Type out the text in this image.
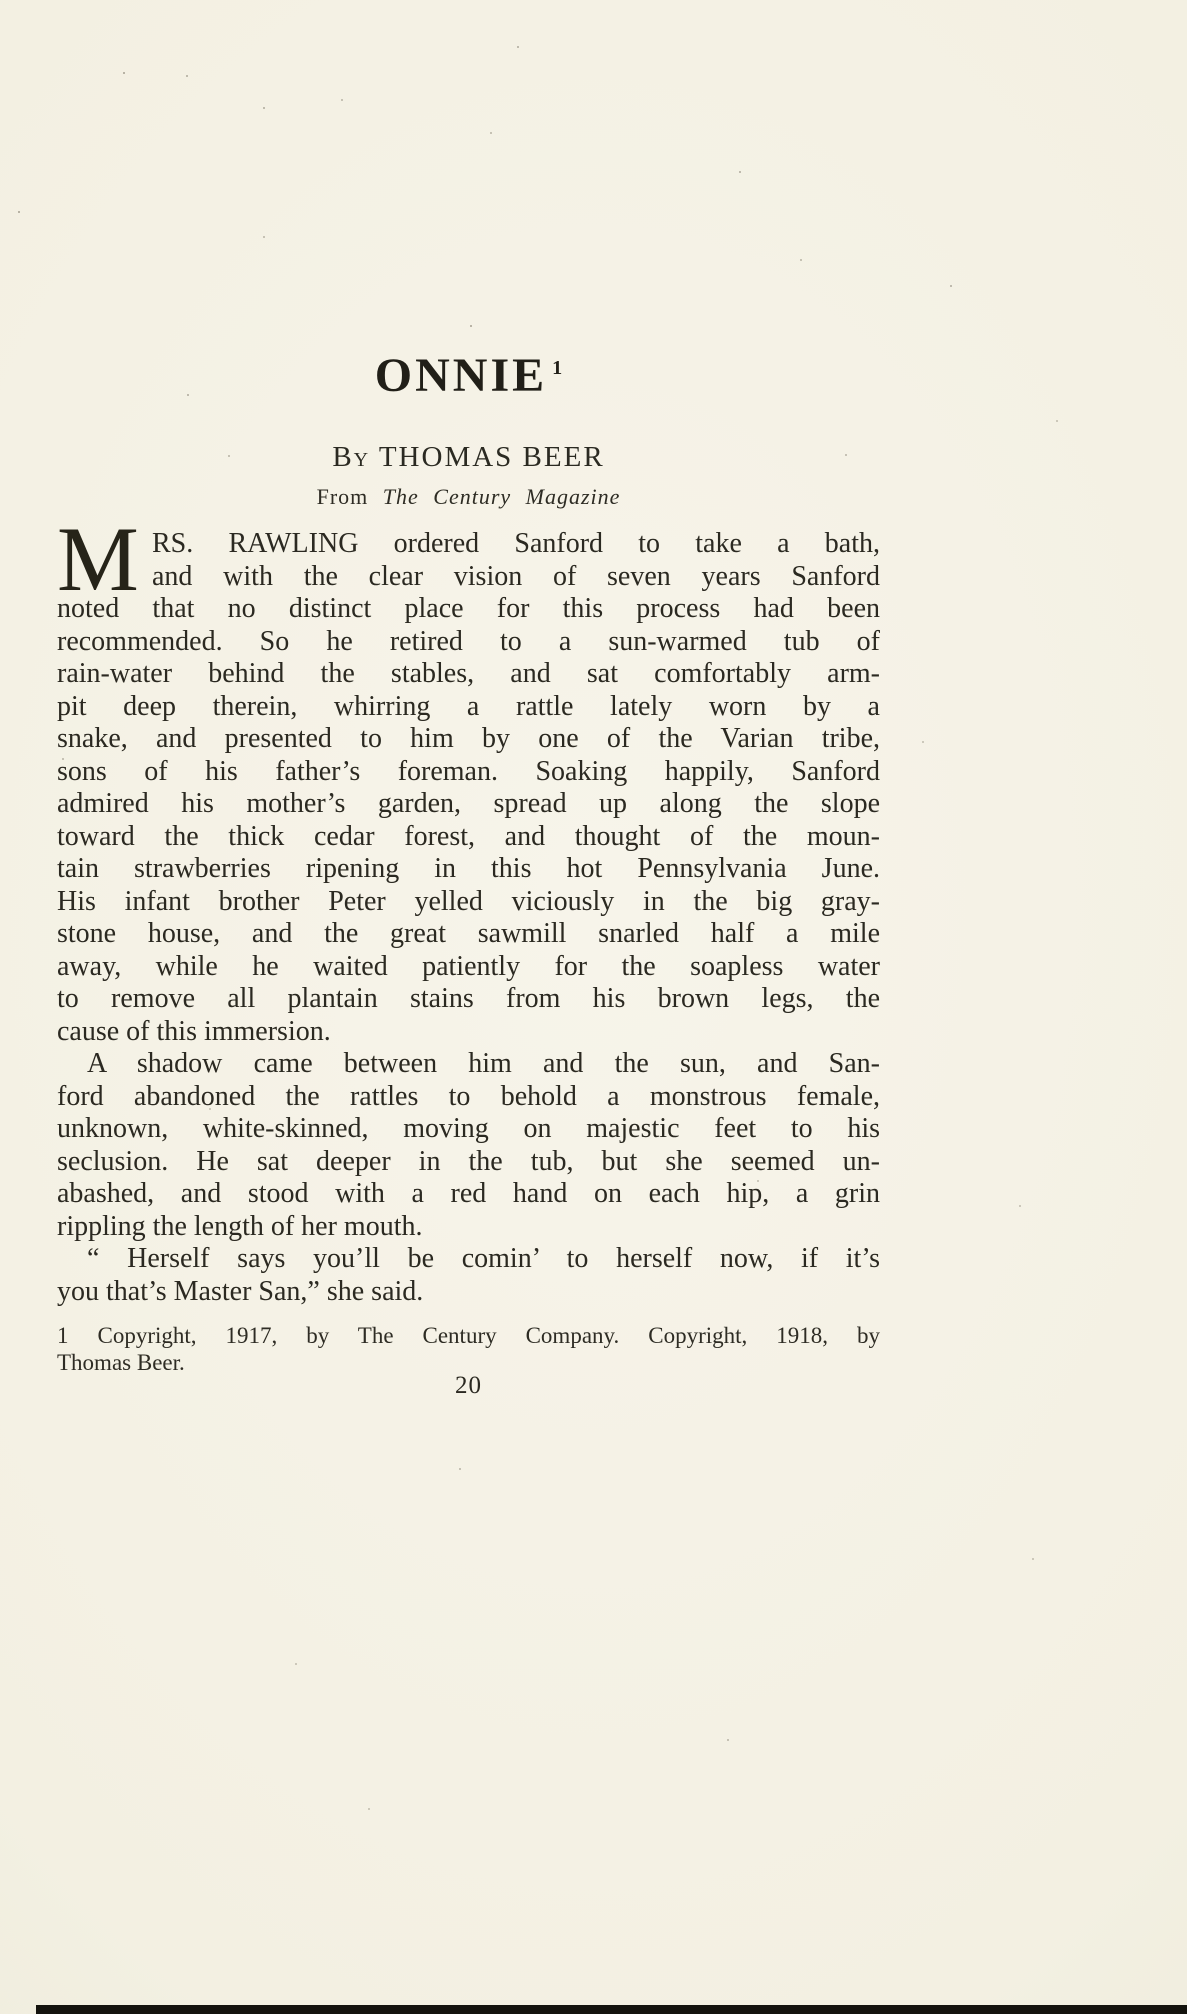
ONNIE $^1$
By THOMAS BEER
From The Century Magazine
M RS. RAWLING ordered Sanford to take a bath,
and with the clear vision of seven years Sanford
noted that no distinct place for this process had been
recommended. So he retired to a sun-warmed tub of
rain-water behind the stables, and sat comfortably arm-
pit deep therein, whirring a rattle lately worn by a
snake, and presented to him by one of the Varian tribe,
sons of his father’s foreman. Soaking happily, Sanford
admired his mother’s garden, spread up along the slope
toward the thick cedar forest, and thought of the moun-
tain strawberries ripening in this hot Pennsylvania June.
His infant brother Peter yelled viciously in the big gray-
stone house, and the great sawmill snarled half a mile
away, while he waited patiently for the soapless water
to remove all plantain stains from his brown legs, the
cause of this immersion.
A shadow came between him and the sun, and San-
ford abandoned the rattles to behold a monstrous female,
unknown, white-skinned, moving on majestic feet to his
seclusion. He sat deeper in the tub, but she seemed un-
abashed, and stood with a red hand on each hip, a grin
rippling the length of her mouth.
“ Herself says you’ll be comin’ to herself now, if it’s
you that’s Master San,” she said.
1 Copyright, 1917, by The Century Company. Copyright, 1918, by
Thomas Beer.
20
